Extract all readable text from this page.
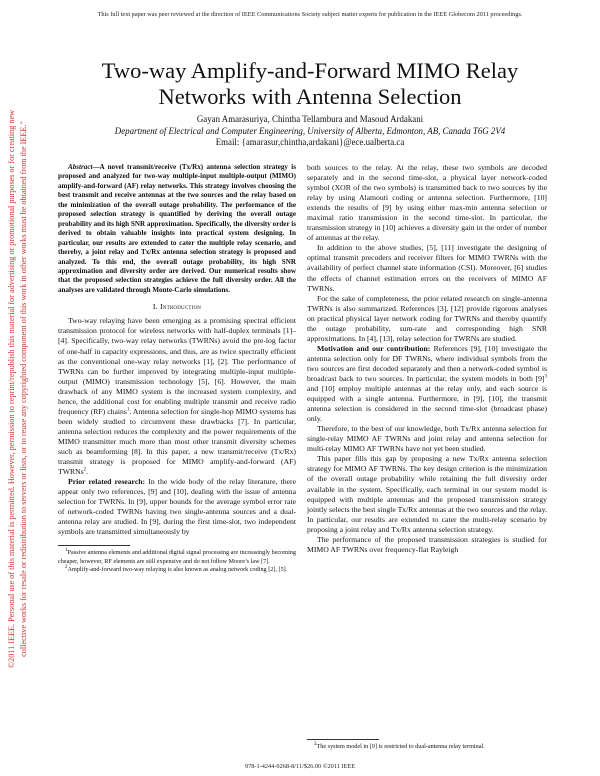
This full text paper was peer reviewed at the direction of IEEE Communications Society subject matter experts for publication in the IEEE Globecom 2011 proceedings.
©2011 IEEE. Personal use of this material is permitted. However, permission to reprint/republish this material for advertising or promotional purposes or for creating new collective works for resale or redistribution to servers or lists, or to reuse any copyrighted component of this work in other works must be obtained from the IEEE."
Two-way Amplify-and-Forward MIMO Relay
Networks with Antenna Selection
Gayan Amarasuriya, Chintha Tellambura and Masoud Ardakani
Department of Electrical and Computer Engineering, University of Alberta, Edmonton, AB, Canada T6G 2V4
Email: {amarasur,chintha,ardakani}@ece.ualberta.ca

Abstract—A novel transmit/receive (Tx/Rx) antenna selection strategy is proposed and analyzed for two-way multiple-input multiple-output (MIMO) amplify-and-forward (AF) relay networks. This strategy involves choosing the best transmit and receive antennas at the two sources and the relay based on the minimization of the overall outage probability. The performance of the proposed selection strategy is quantified by deriving the overall outage probability and its high SNR approximation. Specifically, the diversity order is derived to obtain valuable insights into practical system designing. In particular, our results are extended to cater the multiple relay scenario, and thereby, a joint relay and Tx/Rx antenna selection strategy is proposed and analyzed. To this end, the overall outage probability, its high SNR approximation and diversity order are derived. Our numerical results show that the proposed selection strategies achieve the full diversity order. All the analyses are validated through Monte-Carlo simulations.

I. Introduction

Two-way relaying have been emerging as a promising spectral efficient transmission protocol for wireless networks with half-duplex terminals [1]–[4]. Specifically, two-way relay networks (TWRNs) avoid the pre-log factor of one-half in capacity expressions, and thus, are as twice spectrally efficient as the conventional one-way relay networks [1], [2]. The performance of TWRNs can be further improved by integrating multiple-input multiple-output (MIMO) transmission technology [5], [6]. However, the main drawback of any MIMO system is the increased system complexity, and hence, the additional cost for enabling multiple transmit and receive radio frequency (RF) chains$^1$. Antenna selection for single-hop MIMO systems has been widely studied to circumvent these drawbacks [7]. In particular, antenna selection reduces the complexity and the power requirements of the MIMO transmitter much more than most other transmit diversity schemes such as beamforming [8]. In this paper, a new transmit/receive (Tx/Rx) transmit strategy is proposed for MIMO amplify-and-forward (AF) TWRNs$^2$.

Prior related research: In the wide body of the relay literature, there appear only two references, [9] and [10], dealing with the issue of antenna selection for TWRNs. In [9], upper bounds for the average symbol error rate of network-coded TWRNs having two single-antenna sources and a dual-antenna relay are studied. In [9], during the first time-slot, two independent symbols are transmitted simultaneously by

$^1$Passive antenna elements and additional digital signal processing are increasingly becoming cheaper, however, RF elements are still expensive and do not follow Moore’s law [7].

$^2$Amplify-and-forward two-way relaying is also known as analog network coding [2], [5].

both sources to the relay. At the relay, these two symbols are decoded separately and in the second time-slot, a physical layer network-coded symbol (XOR of the two symbols) is transmitted back to two sources by the relay by using Alamouti coding or antenna selection. Furthermore, [10] extends the results of [9] by using either max-min antenna selection or maximal ratio transmission in the second time-slot. In particular, the transmission strategy in [10] achieves a diversity gain in the order of number of antennas at the relay.

In addition to the above studies, [5], [11] investigate the designing of optimal transmit precoders and receiver filters for MIMO TWRNs with the availability of perfect channel state information (CSI). Moreover, [6] studies the effects of channel estimation errors on the receivers of MIMO AF TWRNs.

For the sake of completeness, the prior related research on single-antenna TWRNs is also summarized. References [3], [12] provide rigorous analyses on practical physical layer network coding for TWRNs and thereby quantify the outage probability, sum-rate and corresponding high SNR approximations. In [4], [13], relay selection for TWRNs are studied.

Motivation and our contribution: References [9], [10] investigate the antenna selection only for DF TWRNs, where individual symbols from the two sources are first decoded separately and then a network-coded symbol is broadcast back to two sources. In particular, the system models in both $[9]^3$ and [10] employ multiple antennas at the relay only, and each source is equipped with a single antenna. Furthermore, in [9], [10], the transmit antenna selection is considered in the second time-slot (broadcast phase) only.

Therefore, to the best of our knowledge, both Tx/Rx antenna selection for single-relay MIMO AF TWRNs and joint relay and antenna selection for multi-relay MIMO AF TWRNs have not yet been studied.

This paper fills this gap by proposing a new Tx/Rx antenna selection strategy for MIMO AF TWRNs. The key design criterion is the minimization of the overall outage probability while retaining the full diversity order available in the system. Specifically, each terminal in our system model is equipped with multiple antennas and the proposed transmission strategy jointly selects the best single Tx/Rx antennas at the two sources and the relay. In particular, our results are extended to cater the multi-relay scenario by proposing a joint relay and Tx/Rx antenna selection strategy.

The performance of the proposed transmission strategies is studied for MIMO AF TWRNs over frequency-flat Rayleigh

$^3$The system model in [9] is restricted to dual-antenna relay terminal.

978-1-4244-9268-8/11/$26.00 ©2011 IEEE
